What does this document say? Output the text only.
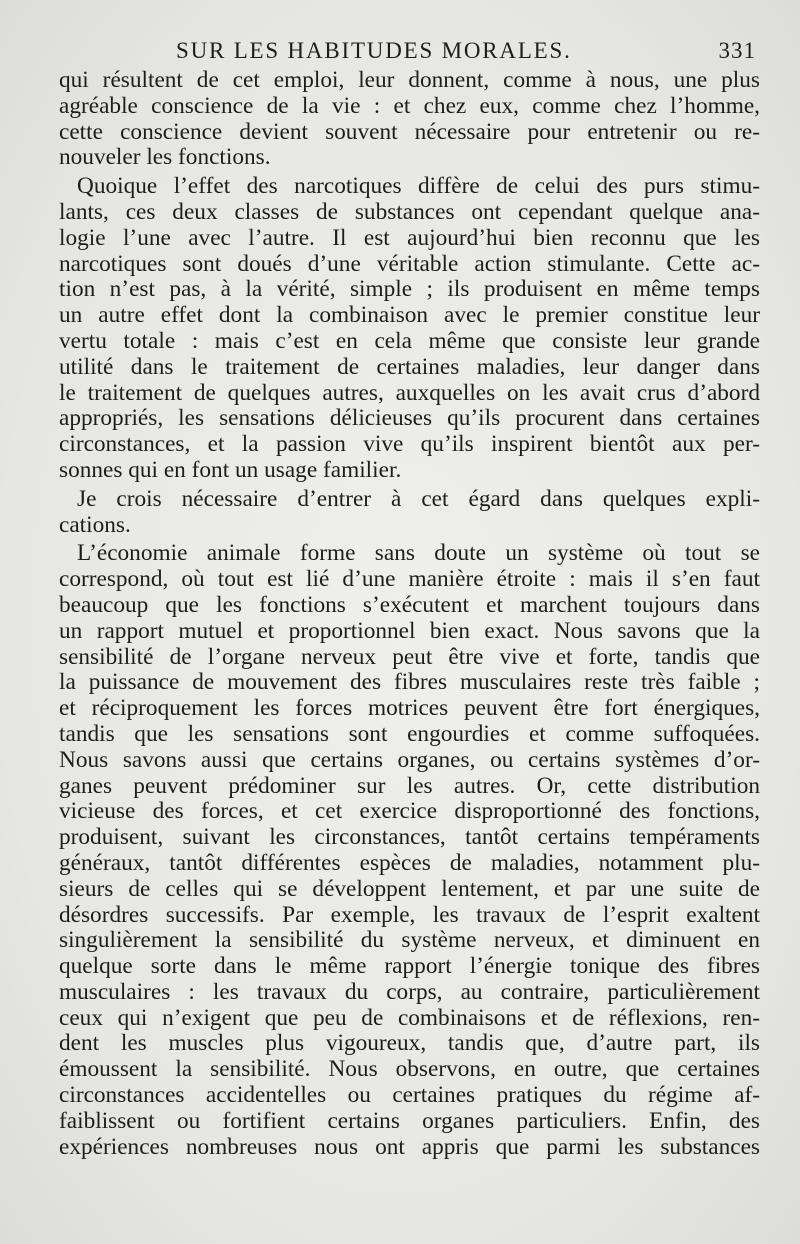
SUR LES HABITUDES MORALES.	331
qui résultent de cet emploi, leur donnent, comme à nous, une plus
agréable conscience de la vie : et chez eux, comme chez l’homme,
cette conscience devient souvent nécessaire pour entretenir ou re-
nouveler les fonctions.
Quoique l’effet des narcotiques diffère de celui des purs stimu-
lants, ces deux classes de substances ont cependant quelque ana-
logie l’une avec l’autre. Il est aujourd’hui bien reconnu que les
narcotiques sont doués d’une véritable action stimulante. Cette ac-
tion n’est pas, à la vérité, simple ; ils produisent en même temps
un autre effet dont la combinaison avec le premier constitue leur
vertu totale : mais c’est en cela même que consiste leur grande
utilité dans le traitement de certaines maladies, leur danger dans
le traitement de quelques autres, auxquelles on les avait crus d’abord
appropriés, les sensations délicieuses qu’ils procurent dans certaines
circonstances, et la passion vive qu’ils inspirent bientôt aux per-
sonnes qui en font un usage familier.
Je crois nécessaire d’entrer à cet égard dans quelques expli-
cations.
L’économie animale forme sans doute un système où tout se
correspond, où tout est lié d’une manière étroite : mais il s’en faut
beaucoup que les fonctions s’exécutent et marchent toujours dans
un rapport mutuel et proportionnel bien exact. Nous savons que la
sensibilité de l’organe nerveux peut être vive et forte, tandis que
la puissance de mouvement des fibres musculaires reste très faible ;
et réciproquement les forces motrices peuvent être fort énergiques,
tandis que les sensations sont engourdies et comme suffoquées.
Nous savons aussi que certains organes, ou certains systèmes d’or-
ganes peuvent prédominer sur les autres. Or, cette distribution
vicieuse des forces, et cet exercice disproportionné des fonctions,
produisent, suivant les circonstances, tantôt certains tempéraments
généraux, tantôt différentes espèces de maladies, notamment plu-
sieurs de celles qui se développent lentement, et par une suite de
désordres successifs. Par exemple, les travaux de l’esprit exaltent
singulièrement la sensibilité du système nerveux, et diminuent en
quelque sorte dans le même rapport l’énergie tonique des fibres
musculaires : les travaux du corps, au contraire, particulièrement
ceux qui n’exigent que peu de combinaisons et de réflexions, ren-
dent les muscles plus vigoureux, tandis que, d’autre part, ils
émoussent la sensibilité. Nous observons, en outre, que certaines
circonstances accidentelles ou certaines pratiques du régime af-
faiblissent ou fortifient certains organes particuliers. Enfin, des
expériences nombreuses nous ont appris que parmi les substances
